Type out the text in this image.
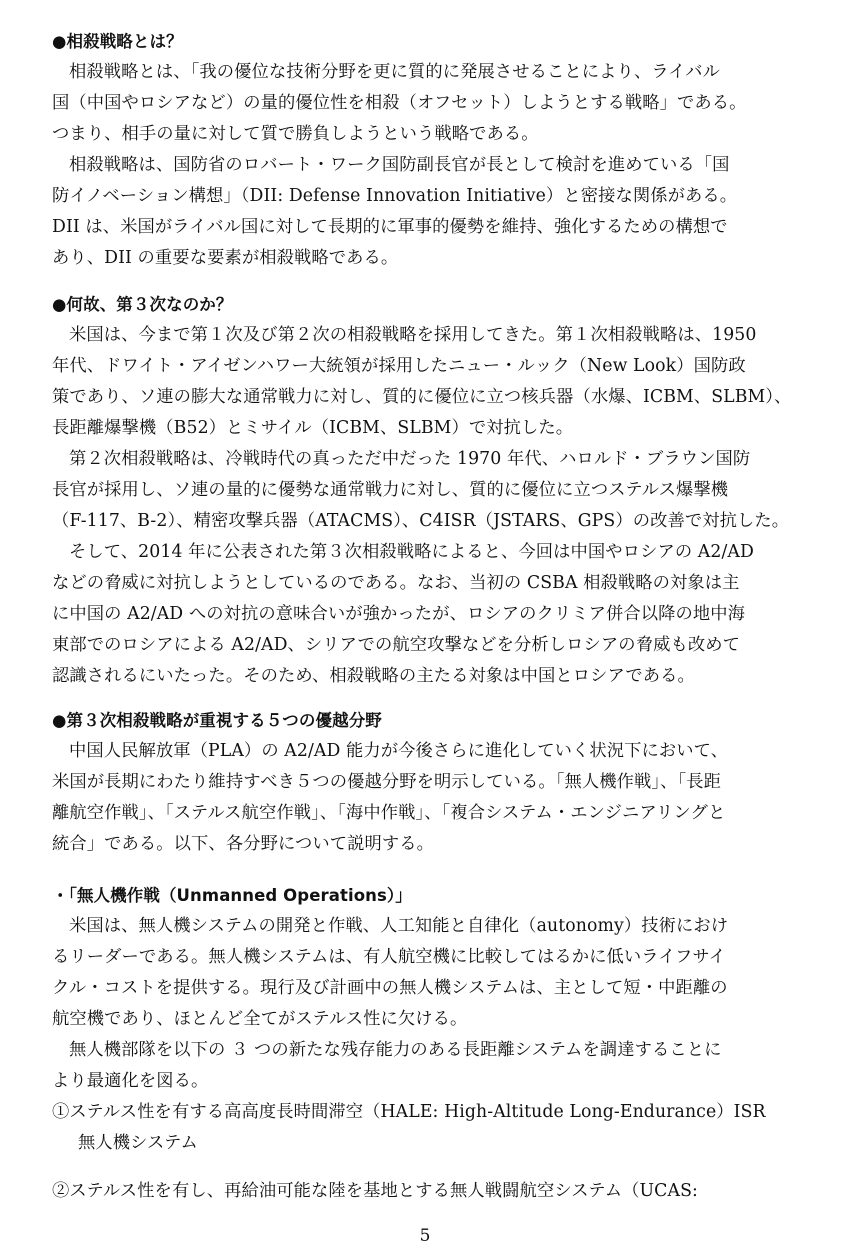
●相殺戦略とは？
相殺戦略とは、「我の優位な技術分野を更に質的に発展させることにより、ライバル
国（中国やロシアなど）の量的優位性を相殺（オフセット）しようとする戦略」である。
つまり、相手の量に対して質で勝負しようという戦略である。
相殺戦略は、国防省のロバート・ワーク国防副長官が長として検討を進めている「国
防イノベーション構想」（DII: Defense Innovation Initiative）と密接な関係がある。
DII は、米国がライバル国に対して長期的に軍事的優勢を維持、強化するための構想で
あり、DII の重要な要素が相殺戦略である。
●何故、第３次なのか？
米国は、今まで第１次及び第２次の相殺戦略を採用してきた。第１次相殺戦略は、1950
年代、ドワイト・アイゼンハワー大統領が採用したニュー・ルック（New Look）国防政
策であり、ソ連の膨大な通常戦力に対し、質的に優位に立つ核兵器（水爆、ICBM、SLBM）、
長距離爆撃機（B52）とミサイル（ICBM、SLBM）で対抗した。
第２次相殺戦略は、冷戦時代の真っただ中だった 1970 年代、ハロルド・ブラウン国防
長官が採用し、ソ連の量的に優勢な通常戦力に対し、質的に優位に立つステルス爆撃機
（F-117、B-2）、精密攻撃兵器（ATACMS）、C4ISR（JSTARS、GPS）の改善で対抗した。
そして、2014 年に公表された第３次相殺戦略によると、今回は中国やロシアの A2/AD
などの脅威に対抗しようとしているのである。なお、当初の CSBA 相殺戦略の対象は主
に中国の A2/AD への対抗の意味合いが強かったが、ロシアのクリミア併合以降の地中海
東部でのロシアによる A2/AD、シリアでの航空攻撃などを分析しロシアの脅威も改めて
認識されるにいたった。そのため、相殺戦略の主たる対象は中国とロシアである。
●第３次相殺戦略が重視する５つの優越分野
中国人民解放軍（PLA）の A2/AD 能力が今後さらに進化していく状況下において、
米国が長期にわたり維持すべき５つの優越分野を明示している。「無人機作戦」、「長距
離航空作戦」、「ステルス航空作戦」、「海中作戦」、「複合システム・エンジニアリングと
統合」である。以下、各分野について説明する。
・「無人機作戦（Unmanned Operations）」
米国は、無人機システムの開発と作戦、人工知能と自律化（autonomy）技術におけ
るリーダーである。無人機システムは、有人航空機に比較してはるかに低いライフサイ
クル・コストを提供する。現行及び計画中の無人機システムは、主として短・中距離の
航空機であり、ほとんど全てがステルス性に欠ける。
無人機部隊を以下の ３ つの新たな残存能力のある長距離システムを調達することに
より最適化を図る。
①ステルス性を有する高高度長時間滞空（HALE: High-Altitude Long-Endurance）ISR
無人機システム
②ステルス性を有し、再給油可能な陸を基地とする無人戦闘航空システム（UCAS:
5
